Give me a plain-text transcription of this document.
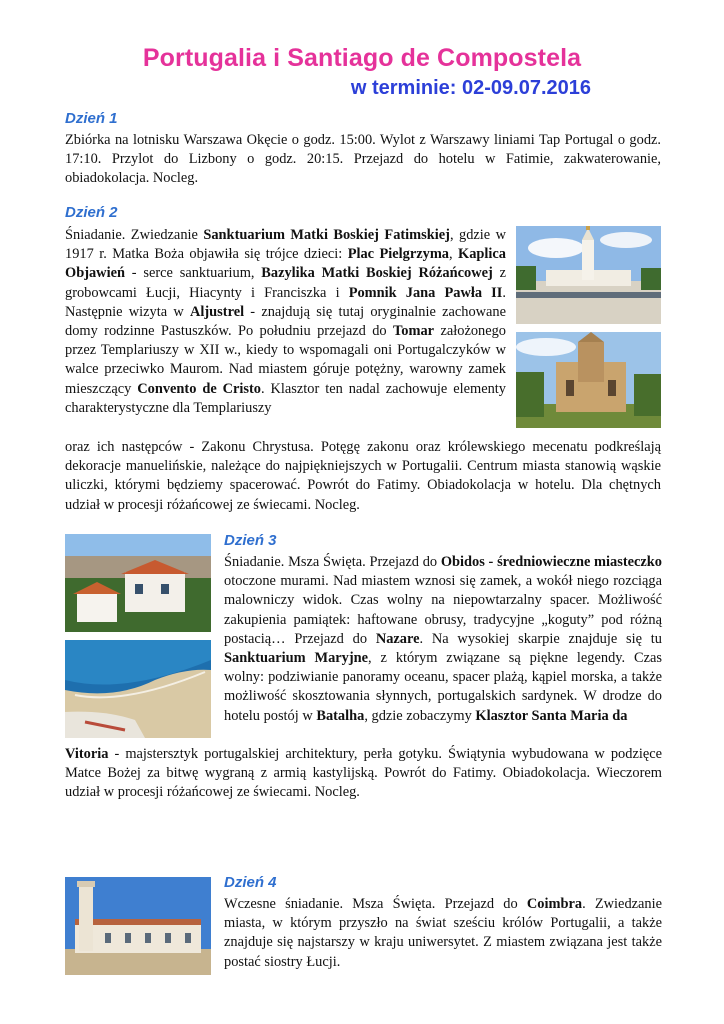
Portugalia i Santiago de Compostela
w terminie: 02-09.07.2016
Dzień 1

Zbiórka na lotnisku Warszawa Okęcie o godz. 15:00. Wylot z Warszawy liniami Tap Portugal o godz. 17:10. Przylot do Lizbony o godz. 20:15. Przejazd do hotelu w Fatimie, zakwaterowanie, obiadokolacja. Nocleg.

Dzień 2

Śniadanie. Zwiedzanie Sanktuarium Matki Boskiej Fatimskiej, gdzie w 1917 r. Matka Boża objawiła się trójce dzieci: Plac Pielgrzyma, Kaplica Objawień - serce sanktuarium, Bazylika Matki Boskiej Różańcowej z grobowcami Łucji, Hiacynty i Franciszka i Pomnik Jana Pawła II. Następnie wizyta w Aljustrel - znajdują się tutaj oryginalnie zachowane domy rodzinne Pastuszków. Po południu przejazd do Tomar założonego przez Templariuszy w XII w., kiedy to wspomagali oni Portugalczyków w walce przeciwko Maurom. Nad miastem góruje potężny, warowny zamek mieszczący Convento de Cristo. Klasztor ten nadal zachowuje elementy charakterystyczne dla Templariuszy

oraz ich następców - Zakonu Chrystusa. Potęgę zakonu oraz królewskiego mecenatu podkreślają dekoracje manuelińskie, należące do najpiękniejszych w Portugalii. Centrum miasta stanowią wąskie uliczki, którymi będziemy spacerować. Powrót do Fatimy. Obiadokolacja w hotelu. Dla chętnych udział w procesji różańcowej ze świecami. Nocleg.

Dzień 3

Śniadanie. Msza Święta. Przejazd do Obidos - średniowieczne miasteczko otoczone murami. Nad miastem wznosi się zamek, a wokół niego rozciąga malowniczy widok. Czas wolny na niepowtarzalny spacer. Możliwość zakupienia pamiątek: haftowane obrusy, tradycyjne „koguty” pod różną postacią… Przejazd do Nazare. Na wysokiej skarpie znajduje się tu Sanktuarium Maryjne, z którym związane są piękne legendy. Czas wolny: podziwianie panoramy oceanu, spacer plażą, kąpiel morska, a także możliwość skosztowania słynnych, portugalskich sardynek. W drodze do hotelu postój w Batalha, gdzie zobaczymy Klasztor Santa Maria da

Vitoria - majstersztyk portugalskiej architektury, perła gotyku. Świątynia wybudowana w podzięce Matce Bożej za bitwę wygraną z armią kastylijską. Powrót do Fatimy. Obiadokolacja. Wieczorem udział w procesji różańcowej ze świecami. Nocleg.

Dzień 4

Wczesne śniadanie. Msza Święta. Przejazd do Coimbra. Zwiedzanie miasta, w którym przyszło na świat sześciu królów Portugalii, a także znajduje się najstarszy w kraju uniwersytet. Z miastem związana jest także postać siostry Łucji.
